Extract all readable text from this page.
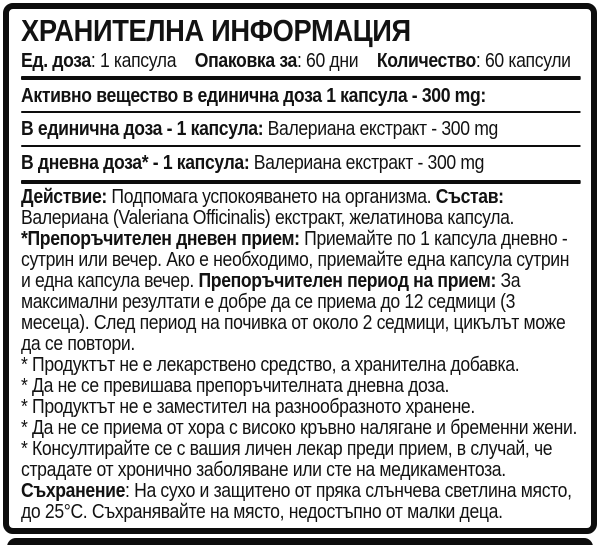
ХРАНИТЕЛНА ИНФОРМАЦИЯ
Ед. доза: 1 капсула Опаковка за: 60 дни Количество: 60 капсули
Активно вещество в единична доза 1 капсула - 300 mg:
В единична доза - 1 капсула: Валериана екстракт - 300 mg
В дневна доза* - 1 капсула: Валериана екстракт - 300 mg

Действие: Подпомага успокояването на организма. Състав: Валериана (Valeriana Officinalis) екстракт, желатинова капсула. *Препоръчителен дневен прием: Приемайте по 1 капсула дневно - сутрин или вечер. Ако е необходимо, приемайте една капсула сутрин и една капсула вечер. Препоръчителен период на прием: За максимални резултати е добре да се приема до 12 седмици (3 месеца). След период на почивка от около 2 седмици, цикълът може да се повтори.

* Продуктът не е лекарствено средство, а хранителна добавка.
* Да не се превишава препоръчителната дневна доза.
* Продуктът не е заместител на разнообразното хранене.
* Да не се приема от хора с високо кръвно налягане и бременни жени.
* Консултирайте се с вашия личен лекар преди прием, в случай, че страдате от хронично заболяване или сте на медикаментоза.

Съхранение: На сухо и защитено от пряка слънчева светлина място, до 25°C. Съхранявайте на място, недостъпно от малки деца.
